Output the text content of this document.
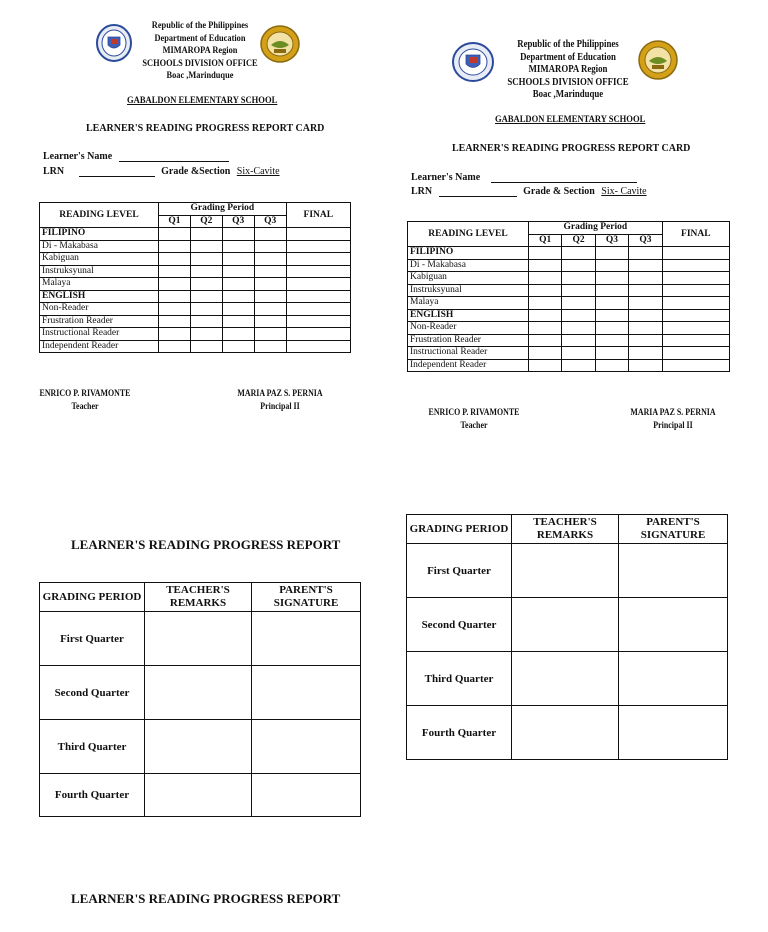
Republic of the Philippines
Department of Education
MIMAROPA Region
SCHOOLS DIVISION OFFICE
Boac ,Marinduque
GABALDON ELEMENTARY SCHOOL
LEARNER'S READING PROGRESS REPORT CARD
Learner's Name
LRN	Grade &Section Six-Cavite
READING LEVEL	Grading Period				FINAL
	Q1	Q2	Q3	Q3	
FILIPINO					
Di - Makabasa					
Kabiguan					
Instruksyunal					
Malaya					
ENGLISH					
Non-Reader					
Frustration Reader					
Instructional Reader					
Independent Reader					
ENRICO P. RIVAMONTE
Teacher
MARIA PAZ S. PERNIA
Principal II
Republic of the Philippines
Department of Education
MIMAROPA Region
SCHOOLS DIVISION OFFICE
Boac ,Marinduque
GABALDON ELEMENTARY SCHOOL
LEARNER'S READING PROGRESS REPORT CARD
Learner's Name
LRN	Grade & Section Six- Cavite
READING LEVEL	Grading Period				FINAL
	Q1	Q2	Q3	Q3	
FILIPINO					
Di - Makabasa					
Kabiguan					
Instruksyunal					
Malaya					
ENGLISH					
Non-Reader					
Frustration Reader					
Instructional Reader					
Independent Reader					
ENRICO P. RIVAMONTE
Teacher
MARIA PAZ S. PERNIA
Principal II
LEARNER'S READING PROGRESS REPORT
GRADING PERIOD	TEACHER'S REMARKS	PARENT'S SIGNATURE
First Quarter		
Second Quarter		
Third Quarter		
Fourth Quarter		
GRADING PERIOD	TEACHER'S REMARKS	PARENT'S SIGNATURE
First Quarter		
Second Quarter		
Third Quarter		
Fourth Quarter		
LEARNER'S READING PROGRESS REPORT
